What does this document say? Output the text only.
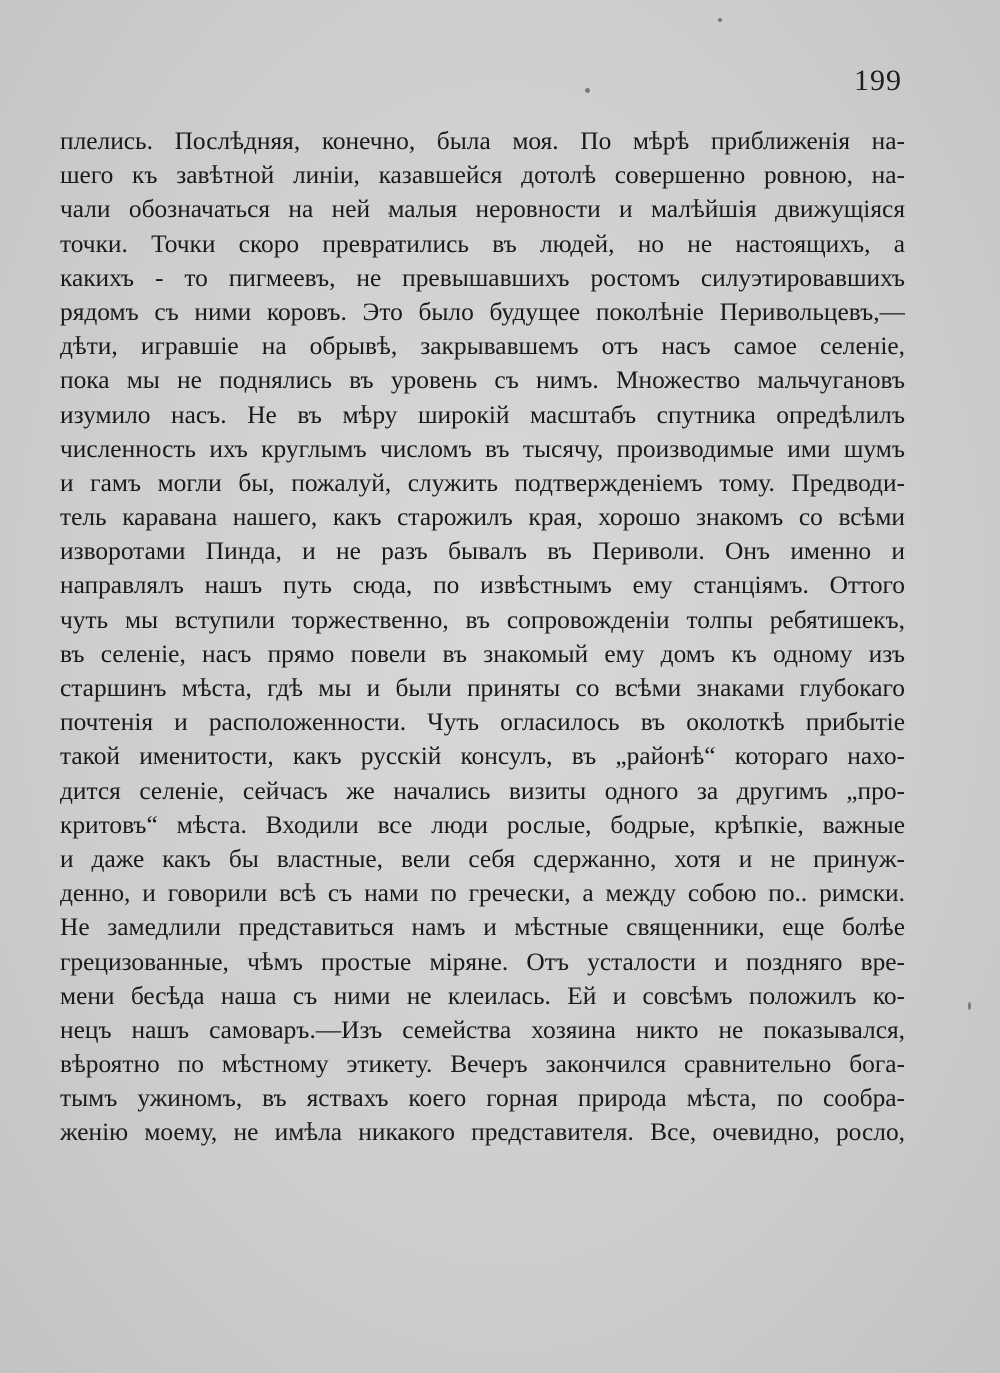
199
плелись. Послѣдняя, конечно, была моя. По мѣрѣ приближенія на-
шего къ завѣтной линіи, казавшейся дотолѣ совершенно ровною, на-
чали обозначаться на ней малыя неровности и малѣйшія движущіяся
точки. Точки скоро превратились въ людей, но не настоящихъ, а
какихъ - то пигмеевъ, не превышавшихъ ростомъ силуэтировавшихъ
рядомъ съ ними коровъ. Это было будущее поколѣніе Перивольцевъ,—
дѣти, игравшіе на обрывѣ, закрывавшемъ отъ насъ самое селеніе,
пока мы не поднялись въ уровень съ нимъ. Множество мальчугановъ
изумило насъ. Не въ мѣру широкій масштабъ спутника опредѣлилъ
численность ихъ круглымъ числомъ въ тысячу, производимые ими шумъ
и гамъ могли бы, пожалуй, служить подтвержденіемъ тому. Предводи-
тель каравана нашего, какъ старожилъ края, хорошо знакомъ со всѣми
изворотами Пинда, и не разъ бывалъ въ Периволи. Онъ именно и
направлялъ нашъ путь сюда, по извѣстнымъ ему станціямъ. Оттого
чуть мы вступили торжественно, въ сопровожденіи толпы ребятишекъ,
въ селеніе, насъ прямо повели въ знакомый ему домъ къ одному изъ
старшинъ мѣста, гдѣ мы и были приняты со всѣми знаками глубокаго
почтенія и расположенности. Чуть огласилось въ околоткѣ прибытіе
такой именитости, какъ русскій консулъ, въ „районѣ“ котораго нахо-
дится селеніе, сейчасъ же начались визиты одного за другимъ „про-
критовъ“ мѣста. Входили все люди рослые, бодрые, крѣпкіе, важные
и даже какъ бы властные, вели себя сдержанно, хотя и не принуж-
денно, и говорили всѣ съ нами по гречески, а между собою по.. римски.
Не замедлили представиться намъ и мѣстные священники, еще болѣе
грецизованные, чѣмъ простые міряне. Отъ усталости и поздняго вре-
мени бесѣда наша съ ними не клеилась. Ей и совсѣмъ положилъ ко-
нецъ нашъ самоваръ.—Изъ семейства хозяина никто не показывался,
вѣроятно по мѣстному этикету. Вечеръ закончился сравнительно бога-
тымъ ужиномъ, въ яствахъ коего горная природа мѣста, по сообра-
женію моему, не имѣла никакого представителя. Все, очевидно, росло,
